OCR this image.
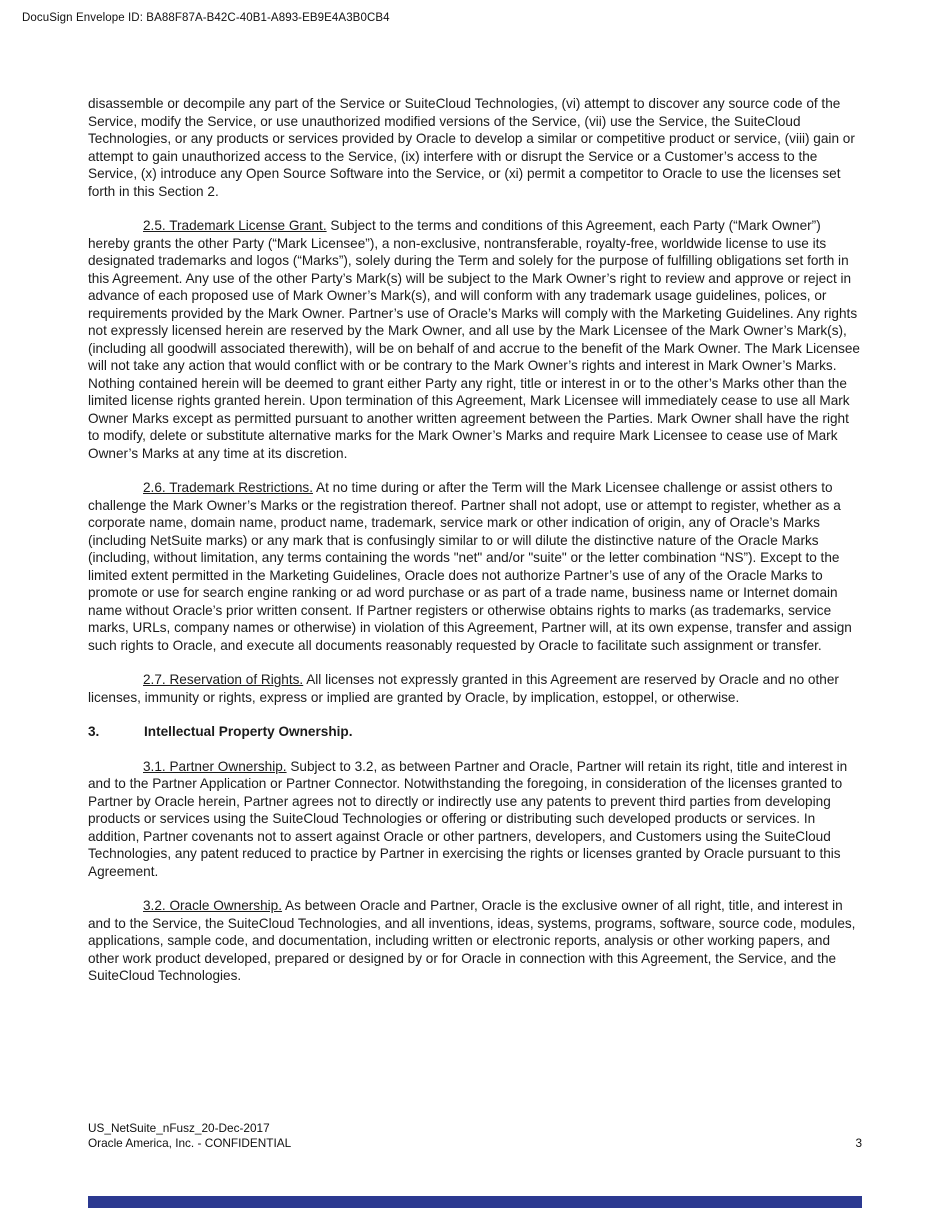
DocuSign Envelope ID: BA88F87A-B42C-40B1-A893-EB9E4A3B0CB4

disassemble or decompile any part of the Service or SuiteCloud Technologies, (vi) attempt to discover any source code of the Service, modify the Service, or use unauthorized modified versions of the Service, (vii) use the Service, the SuiteCloud Technologies, or any products or services provided by Oracle to develop a similar or competitive product or service, (viii) gain or attempt to gain unauthorized access to the Service, (ix) interfere with or disrupt the Service or a Customer’s access to the Service, (x) introduce any Open Source Software into the Service, or (xi) permit a competitor to Oracle to use the licenses set forth in this Section 2.

2.5. Trademark License Grant. Subject to the terms and conditions of this Agreement, each Party (“Mark Owner”) hereby grants the other Party (“Mark Licensee”), a non-exclusive, nontransferable, royalty-free, worldwide license to use its designated trademarks and logos (“Marks”), solely during the Term and solely for the purpose of fulfilling obligations set forth in this Agreement. Any use of the other Party’s Mark(s) will be subject to the Mark Owner’s right to review and approve or reject in advance of each proposed use of Mark Owner’s Mark(s), and will conform with any trademark usage guidelines, polices, or requirements provided by the Mark Owner. Partner’s use of Oracle’s Marks will comply with the Marketing Guidelines. Any rights not expressly licensed herein are reserved by the Mark Owner, and all use by the Mark Licensee of the Mark Owner’s Mark(s), (including all goodwill associated therewith), will be on behalf of and accrue to the benefit of the Mark Owner. The Mark Licensee will not take any action that would conflict with or be contrary to the Mark Owner’s rights and interest in Mark Owner’s Marks. Nothing contained herein will be deemed to grant either Party any right, title or interest in or to the other’s Marks other than the limited license rights granted herein. Upon termination of this Agreement, Mark Licensee will immediately cease to use all Mark Owner Marks except as permitted pursuant to another written agreement between the Parties. Mark Owner shall have the right to modify, delete or substitute alternative marks for the Mark Owner’s Marks and require Mark Licensee to cease use of Mark Owner’s Marks at any time at its discretion.

2.6. Trademark Restrictions. At no time during or after the Term will the Mark Licensee challenge or assist others to challenge the Mark Owner’s Marks or the registration thereof. Partner shall not adopt, use or attempt to register, whether as a corporate name, domain name, product name, trademark, service mark or other indication of origin, any of Oracle’s Marks (including NetSuite marks) or any mark that is confusingly similar to or will dilute the distinctive nature of the Oracle Marks (including, without limitation, any terms containing the words "net" and/or "suite" or the letter combination “NS”). Except to the limited extent permitted in the Marketing Guidelines, Oracle does not authorize Partner’s use of any of the Oracle Marks to promote or use for search engine ranking or ad word purchase or as part of a trade name, business name or Internet domain name without Oracle’s prior written consent. If Partner registers or otherwise obtains rights to marks (as trademarks, service marks, URLs, company names or otherwise) in violation of this Agreement, Partner will, at its own expense, transfer and assign such rights to Oracle, and execute all documents reasonably requested by Oracle to facilitate such assignment or transfer.

2.7. Reservation of Rights. All licenses not expressly granted in this Agreement are reserved by Oracle and no other licenses, immunity or rights, express or implied are granted by Oracle, by implication, estoppel, or otherwise.

3.	Intellectual Property Ownership.

3.1. Partner Ownership. Subject to 3.2, as between Partner and Oracle, Partner will retain its right, title and interest in and to the Partner Application or Partner Connector. Notwithstanding the foregoing, in consideration of the licenses granted to Partner by Oracle herein, Partner agrees not to directly or indirectly use any patents to prevent third parties from developing products or services using the SuiteCloud Technologies or offering or distributing such developed products or services. In addition, Partner covenants not to assert against Oracle or other partners, developers, and Customers using the SuiteCloud Technologies, any patent reduced to practice by Partner in exercising the rights or licenses granted by Oracle pursuant to this Agreement.

3.2. Oracle Ownership. As between Oracle and Partner, Oracle is the exclusive owner of all right, title, and interest in and to the Service, the SuiteCloud Technologies, and all inventions, ideas, systems, programs, software, source code, modules, applications, sample code, and documentation, including written or electronic reports, analysis or other working papers, and other work product developed, prepared or designed by or for Oracle in connection with this Agreement, the Service, and the SuiteCloud Technologies.

US_NetSuite_nFusz_20-Dec-2017
Oracle America, Inc. - CONFIDENTIAL	3
